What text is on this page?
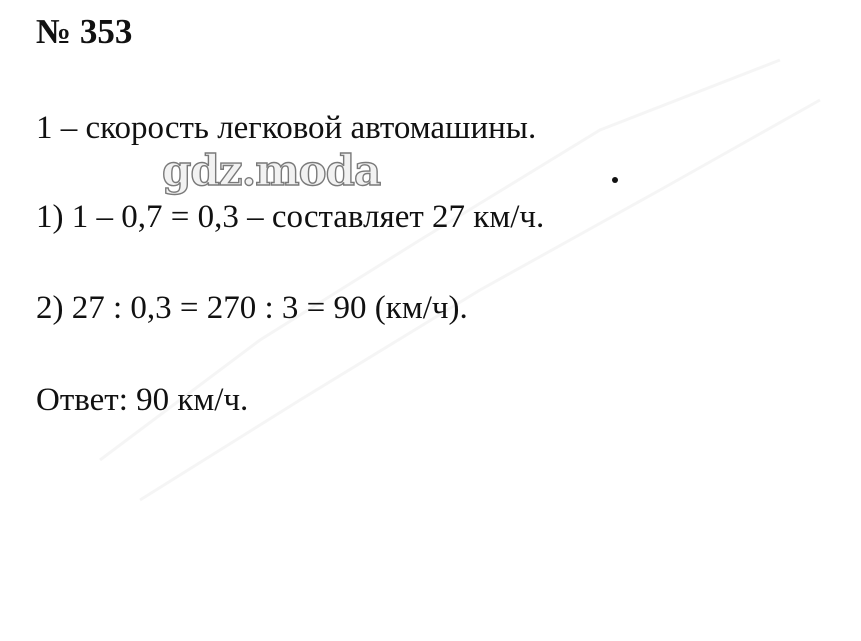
№ 353
1 – скорость легковой автомашины.
gdz.moda
1) 1 – 0,7 = 0,3 – составляет 27 км/ч.
2) 27 : 0,3 = 270 : 3 = 90 (км/ч).
Ответ: 90 км/ч.
